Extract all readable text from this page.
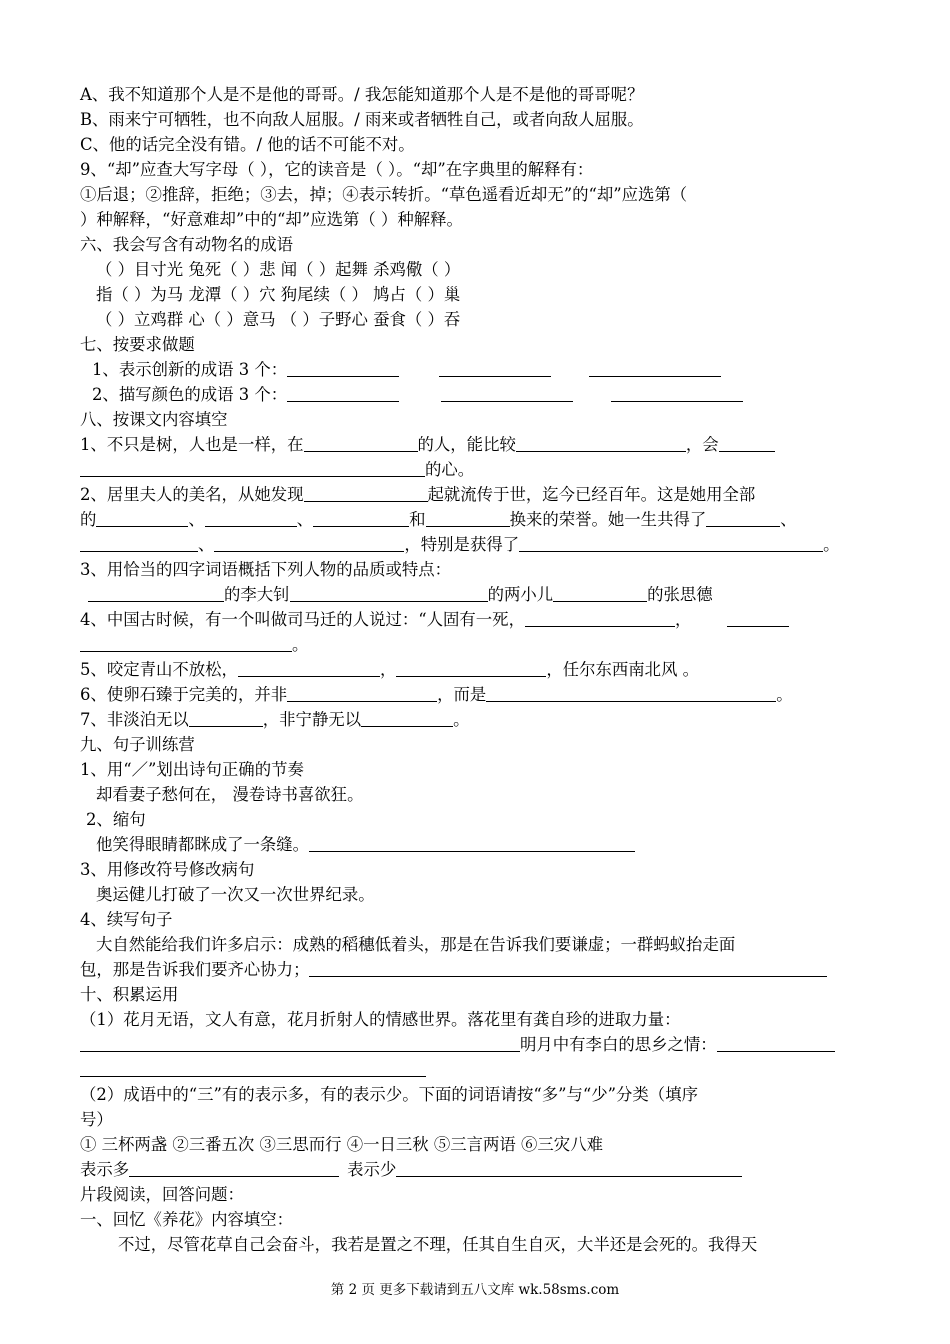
A、我不知道那个人是不是他的哥哥。/ 我怎能知道那个人是不是他的哥哥呢？
B、雨来宁可牺牲，也不向敌人屈服。/ 雨来或者牺牲自己，或者向敌人屈服。
C、他的话完全没有错。/ 他的话不可能不对。
9、“却”应查大写字母（ ），它的读音是（ ）。“却”在字典里的解释有：
①后退；②推辞，拒绝；③去，掉；④表示转折。“草色遥看近却无”的“却”应选第（
）种解释，“好意难却”中的“却”应选第（ ）种解释。
六、我会写含有动物名的成语
（ ）目寸光 兔死（ ）悲 闻（ ）起舞 杀鸡儆（ ）
指（ ）为马 龙潭（ ）穴 狗尾续（ ） 鸠占（ ）巢
（ ）立鸡群 心（ ）意马 （ ）子野心 蚕食（ ）吞
七、按要求做题
1、表示创新的成语 3 个：
2、描写颜色的成语 3 个：
八、按课文内容填空
1、不只是树，人也是一样，在	的人，能比较	，会
的心。
2、居里夫人的美名，从她发现	起就流传于世，迄今已经百年。这是她用全部
的	、	、	和	换来的荣誉。她一生共得了	、
、	，特别是获得了	。
3、用恰当的四字词语概括下列人物的品质或特点：
的李大钊	的两小儿	的张思德
4、中国古时候，有一个叫做司马迁的人说过：“人固有一死，	，
。
5、咬定青山不放松，	，	，任尔东西南北风 。
6、使卵石臻于完美的，并非	，而是	。
7、非淡泊无以	，非宁静无以	。
九、句子训练营
1、用“／”划出诗句正确的节奏
却看妻子愁何在， 漫卷诗书喜欲狂。
2、缩句
他笑得眼睛都眯成了一条缝。
3、用修改符号修改病句
奥运健儿打破了一次又一次世界纪录。
4、续写句子
大自然能给我们许多启示：成熟的稻穗低着头，那是在告诉我们要谦虚；一群蚂蚁抬走面
包，那是告诉我们要齐心协力；
十、积累运用
（1）花月无语，文人有意，花月折射人的情感世界。落花里有龚自珍的进取力量：
明月中有李白的思乡之情：
（2）成语中的“三”有的表示多，有的表示少。下面的词语请按“多”与“少”分类（填序
号）
① 三杯两盏 ②三番五次 ③三思而行 ④一日三秋 ⑤三言两语 ⑥三灾八难
表示多	表示少
片段阅读，回答问题：
一、回忆《养花》内容填空：
不过，尽管花草自己会奋斗，我若是置之不理，任其自生自灭，大半还是会死的。我得天
第 2 页 更多下载请到五八文库 wk.58sms.com
